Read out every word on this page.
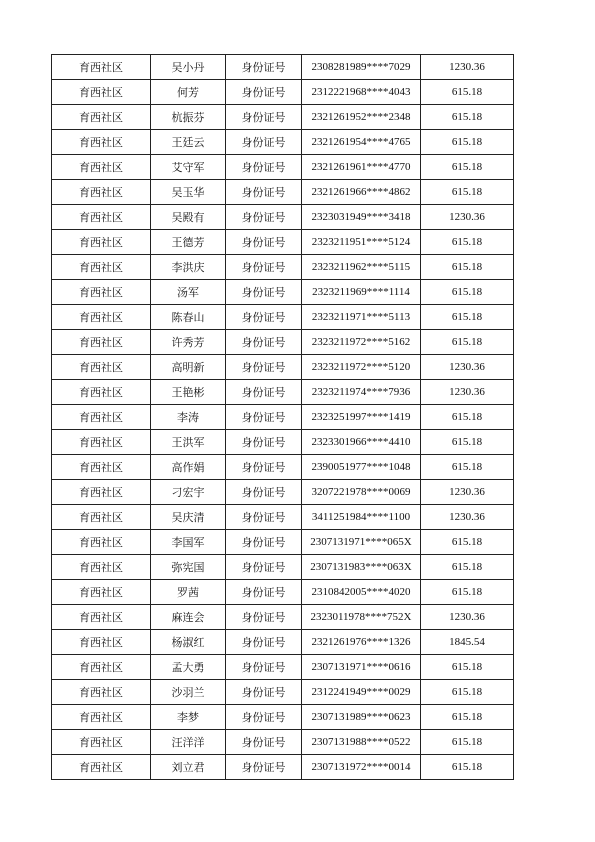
育西社区	吴小丹	身份证号	2308281989****7029	1230.36
育西社区	何芳	身份证号	2312221968****4043	615.18
育西社区	杭振芬	身份证号	2321261952****2348	615.18
育西社区	王廷云	身份证号	2321261954****4765	615.18
育西社区	艾守军	身份证号	2321261961****4770	615.18
育西社区	吴玉华	身份证号	2321261966****4862	615.18
育西社区	吴殿有	身份证号	2323031949****3418	1230.36
育西社区	王德芳	身份证号	2323211951****5124	615.18
育西社区	李洪庆	身份证号	2323211962****5115	615.18
育西社区	汤军	身份证号	2323211969****1114	615.18
育西社区	陈春山	身份证号	2323211971****5113	615.18
育西社区	许秀芳	身份证号	2323211972****5162	615.18
育西社区	高明新	身份证号	2323211972****5120	1230.36
育西社区	王艳彬	身份证号	2323211974****7936	1230.36
育西社区	李涛	身份证号	2323251997****1419	615.18
育西社区	王洪军	身份证号	2323301966****4410	615.18
育西社区	高作娟	身份证号	2390051977****1048	615.18
育西社区	刁宏宇	身份证号	3207221978****0069	1230.36
育西社区	吴庆清	身份证号	3411251984****1100	1230.36
育西社区	李国军	身份证号	2307131971****065X	615.18
育西社区	弥宪国	身份证号	2307131983****063X	615.18
育西社区	罗茜	身份证号	2310842005****4020	615.18
育西社区	麻连会	身份证号	2323011978****752X	1230.36
育西社区	杨淑红	身份证号	2321261976****1326	1845.54
育西社区	孟大勇	身份证号	2307131971****0616	615.18
育西社区	沙羽兰	身份证号	2312241949****0029	615.18
育西社区	李梦	身份证号	2307131989****0623	615.18
育西社区	汪洋洋	身份证号	2307131988****0522	615.18
育西社区	刘立君	身份证号	2307131972****0014	615.18
